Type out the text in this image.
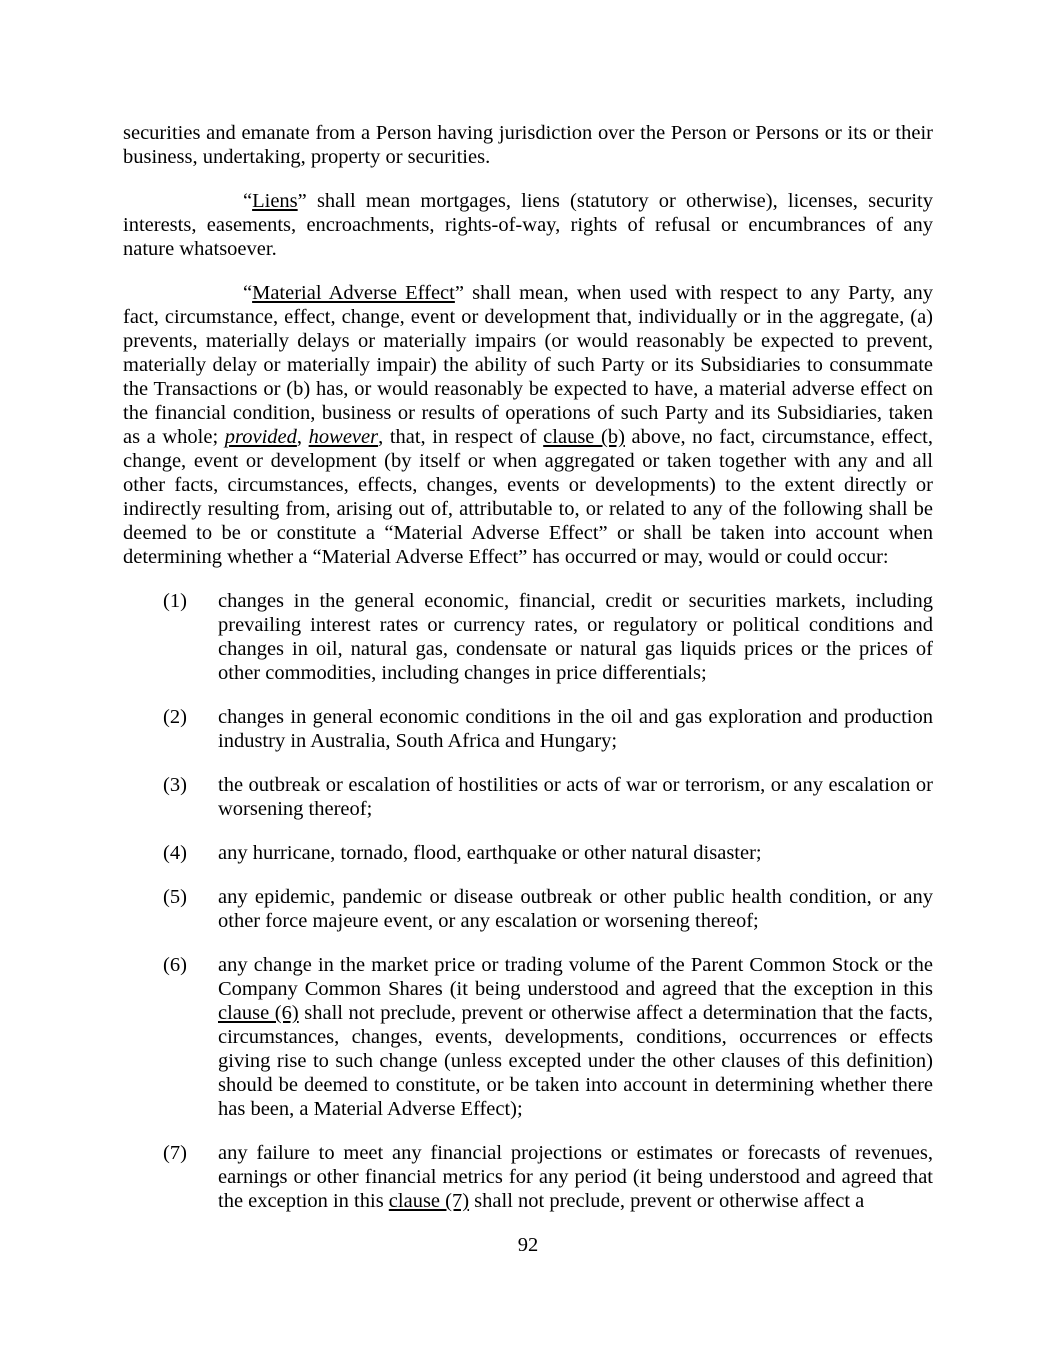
securities and emanate from a Person having jurisdiction over the Person or Persons or its or their business, undertaking, property or securities.

“Liens” shall mean mortgages, liens (statutory or otherwise), licenses, security interests, easements, encroachments, rights-of-way, rights of refusal or encumbrances of any nature whatsoever.

“Material Adverse Effect” shall mean, when used with respect to any Party, any fact, circumstance, effect, change, event or development that, individually or in the aggregate, (a) prevents, materially delays or materially impairs (or would reasonably be expected to prevent, materially delay or materially impair) the ability of such Party or its Subsidiaries to consummate the Transactions or (b) has, or would reasonably be expected to have, a material adverse effect on the financial condition, business or results of operations of such Party and its Subsidiaries, taken as a whole; provided, however, that, in respect of clause (b) above, no fact, circumstance, effect, change, event or development (by itself or when aggregated or taken together with any and all other facts, circumstances, effects, changes, events or developments) to the extent directly or indirectly resulting from, arising out of, attributable to, or related to any of the following shall be deemed to be or constitute a “Material Adverse Effect” or shall be taken into account when determining whether a “Material Adverse Effect” has occurred or may, would or could occur:

(1) changes in the general economic, financial, credit or securities markets, including prevailing interest rates or currency rates, or regulatory or political conditions and changes in oil, natural gas, condensate or natural gas liquids prices or the prices of other commodities, including changes in price differentials;
(2) changes in general economic conditions in the oil and gas exploration and production industry in Australia, South Africa and Hungary;
(3) the outbreak or escalation of hostilities or acts of war or terrorism, or any escalation or worsening thereof;
(4) any hurricane, tornado, flood, earthquake or other natural disaster;
(5) any epidemic, pandemic or disease outbreak or other public health condition, or any other force majeure event, or any escalation or worsening thereof;
(6) any change in the market price or trading volume of the Parent Common Stock or the Company Common Shares (it being understood and agreed that the exception in this clause (6) shall not preclude, prevent or otherwise affect a determination that the facts, circumstances, changes, events, developments, conditions, occurrences or effects giving rise to such change (unless excepted under the other clauses of this definition) should be deemed to constitute, or be taken into account in determining whether there has been, a Material Adverse Effect);
(7) any failure to meet any financial projections or estimates or forecasts of revenues, earnings or other financial metrics for any period (it being understood and agreed that the exception in this clause (7) shall not preclude, prevent or otherwise affect a
92
